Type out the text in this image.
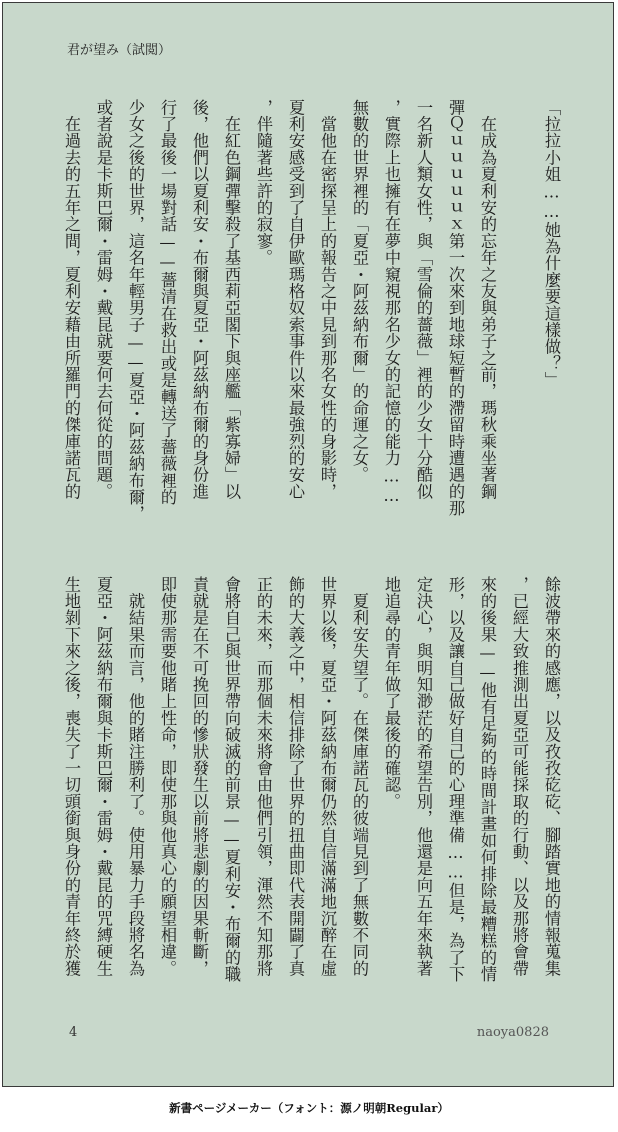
君が望み（試閲）
「拉拉小姐……她為什麼要這樣做？」
　在成為夏利安的忘年之友與弟子之前，瑪秋乘坐著鋼
彈Ｑｕｕｕｕｕｘ第一次來到地球短暫的滯留時遭遇的那
一名新人類女性，與「雪倫的薔薇」裡的少女十分酷似
，實際上也擁有在夢中窺視那名少女的記憶的能力……
無數的世界裡的「夏亞・阿茲納布爾」的命運之女。
　當他在密探呈上的報告之中見到那名女性的身影時，
夏利安感受到了自伊歐瑪格奴索事件以來最強烈的安心
，伴隨著些許的寂寥。
　在紅色鋼彈擊殺了基西莉亞閣下與座艦「紫寡婦」以
後，他們以夏利安・布爾與夏亞・阿茲納布爾的身份進
行了最後一場對話——薔清在救出或是轉送了薔薇裡的
少女之後的世界，這名年輕男子——夏亞・阿茲納布爾，
或者說是卡斯巴爾・雷姆・戴昆就要何去何從的問題。
　在過去的五年之間，夏利安藉由所羅門的傑庫諾瓦的
餘波帶來的感應，以及孜孜矻矻、腳踏實地的情報蒐集
，已經大致推測出夏亞可能採取的行動、以及那將會帶
來的後果——他有足夠的時間計畫如何排除最糟糕的情
形，以及讓自己做好自己的心理準備……但是，為了下
定決心，與明知渺茫的希望告別，他還是向五年來執著
地追尋的青年做了最後的確認。
　夏利安失望了。在傑庫諾瓦的彼端見到了無數不同的
世界以後，夏亞・阿茲納布爾仍然自信滿滿地沉醉在虛
飾的大義之中，相信排除了世界的扭曲即代表開闢了真
正的未來，而那個未來將會由他們引領，渾然不知那將
會將自己與世界帶向破滅的前景——夏利安・布爾的職
責就是在不可挽回的慘狀發生以前將悲劇的因果斬斷，
即使那需要他賭上性命，即使那與他真心的願望相違。
　就結果而言，他的賭注勝利了。使用暴力手段將名為
夏亞・阿茲納布爾與卡斯巴爾・雷姆・戴昆的咒縛硬生
生地剝下來之後，喪失了一切頭銜與身份的青年終於獲
4	naoya0828
新書ページメーカー（フォント：源ノ明朝Regular）
